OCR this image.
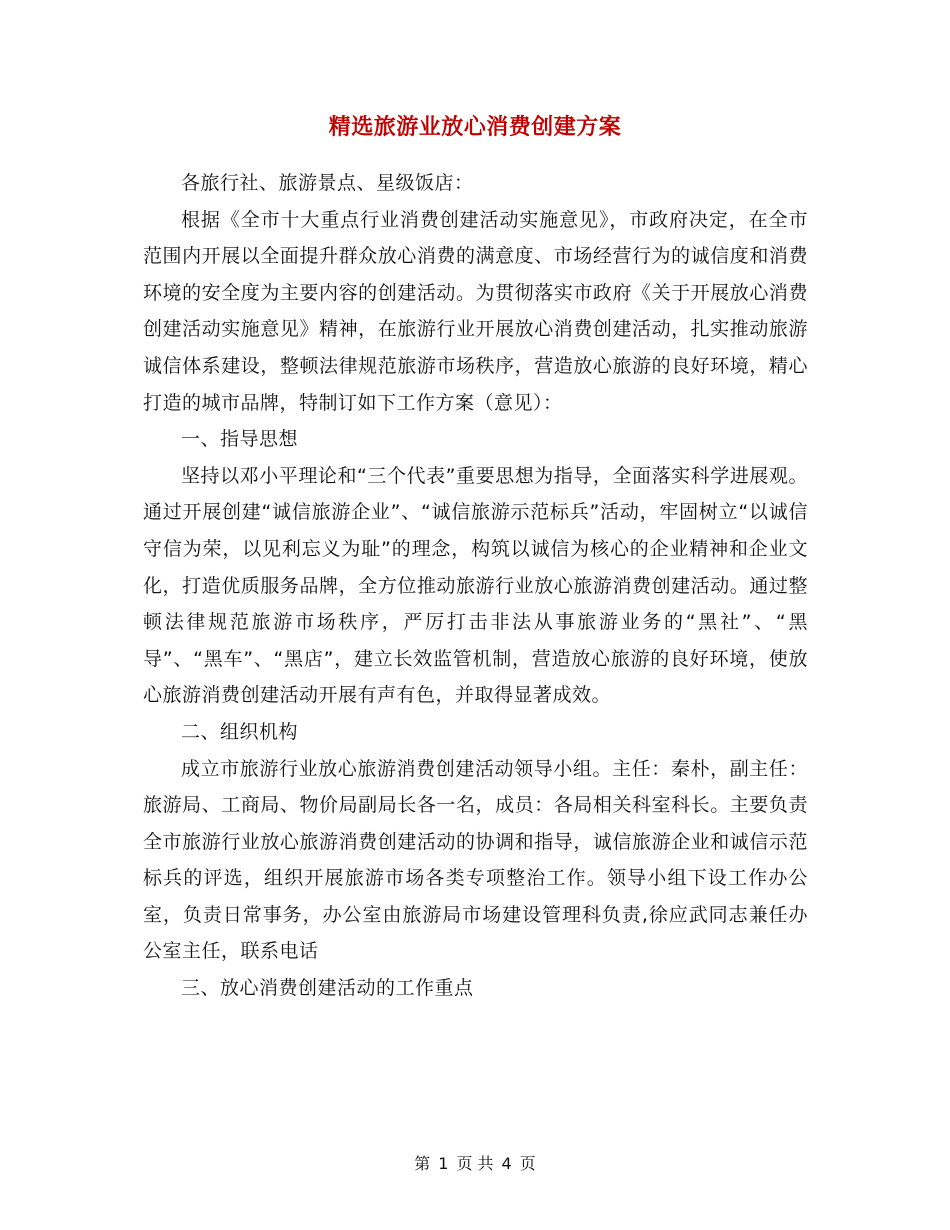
精选旅游业放心消费创建方案

各旅行社、旅游景点、星级饭店：

根据《全市十大重点行业消费创建活动实施意见》，市政府决定，在全市范围内开展以全面提升群众放心消费的满意度、市场经营行为的诚信度和消费环境的安全度为主要内容的创建活动。为贯彻落实市政府《关于开展放心消费创建活动实施意见》精神，在旅游行业开展放心消费创建活动，扎实推动旅游诚信体系建设，整顿法律规范旅游市场秩序，营造放心旅游的良好环境，精心打造的城市品牌，特制订如下工作方案（意见）：

一、指导思想

坚持以邓小平理论和“三个代表”重要思想为指导，全面落实科学进展观。通过开展创建“诚信旅游企业”、“诚信旅游示范标兵”活动，牢固树立“以诚信守信为荣，以见利忘义为耻”的理念，构筑以诚信为核心的企业精神和企业文化，打造优质服务品牌，全方位推动旅游行业放心旅游消费创建活动。通过整顿法律规范旅游市场秩序，严厉打击非法从事旅游业务的“黑社”、“黑导”、“黑车”、“黑店”，建立长效监管机制，营造放心旅游的良好环境，使放心旅游消费创建活动开展有声有色，并取得显著成效。

二、组织机构

成立市旅游行业放心旅游消费创建活动领导小组。主任：秦朴，副主任：旅游局、工商局、物价局副局长各一名，成员：各局相关科室科长。主要负责全市旅游行业放心旅游消费创建活动的协调和指导，诚信旅游企业和诚信示范标兵的评选，组织开展旅游市场各类专项整治工作。领导小组下设工作办公室，负责日常事务，办公室由旅游局市场建设管理科负责,徐应武同志兼任办公室主任，联系电话

三、放心消费创建活动的工作重点

第 1 页 共 4 页
